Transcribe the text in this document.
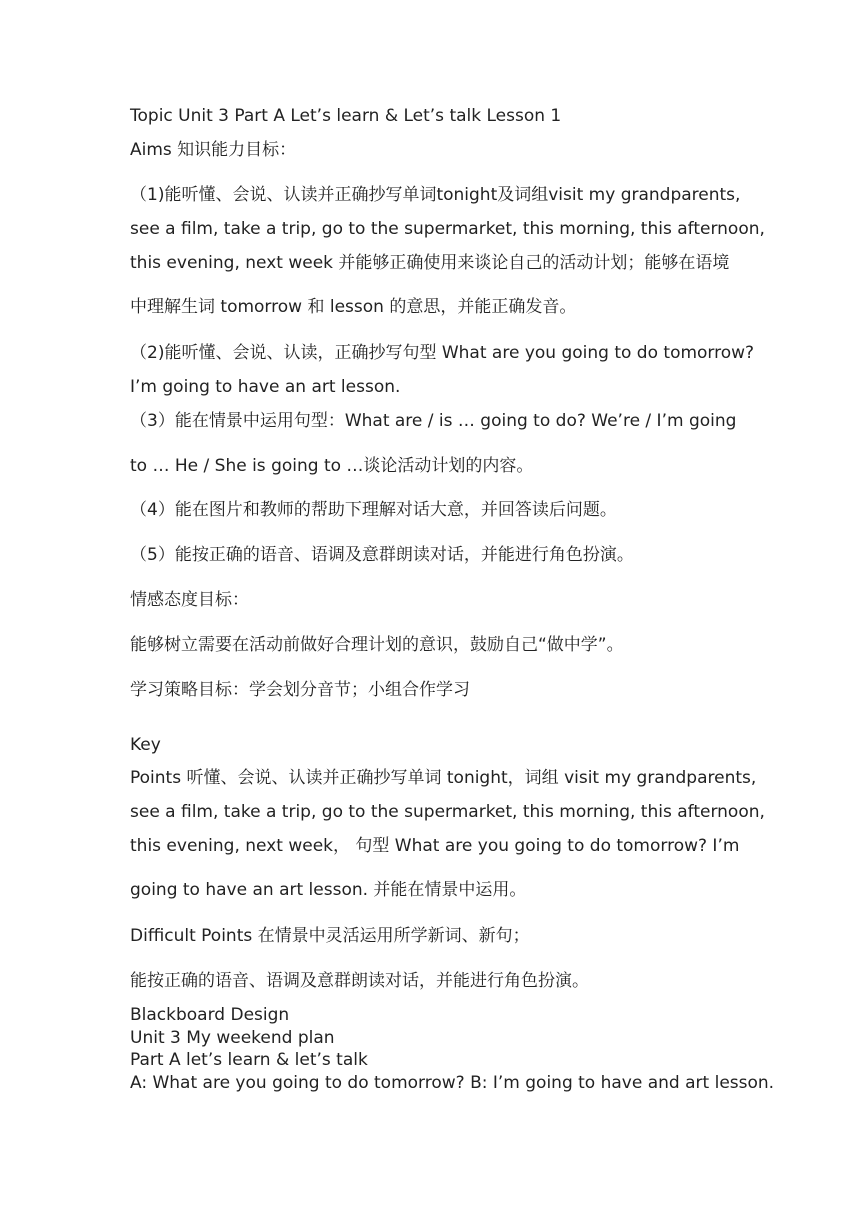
Topic Unit 3 Part A Let’s learn & Let’s talk Lesson 1
Aims 知识能力目标：
（1)能听懂、会说、认读并正确抄写单词tonight及词组visit my grandparents,
see a film, take a trip, go to the supermarket, this morning, this afternoon,
this evening, next week 并能够正确使用来谈论自己的活动计划；能够在语境
中理解生词 tomorrow 和 lesson 的意思，并能正确发音。
（2)能听懂、会说、认读，正确抄写句型 What are you going to do tomorrow?
I’m going to have an art lesson.
（3）能在情景中运用句型：What are / is … going to do? We’re / I’m going
to … He / She is going to …谈论活动计划的内容。
（4）能在图片和教师的帮助下理解对话大意，并回答读后问题。
（5）能按正确的语音、语调及意群朗读对话，并能进行角色扮演。
情感态度目标：
能够树立需要在活动前做好合理计划的意识，鼓励自己“做中学”。
学习策略目标：学会划分音节；小组合作学习
Key
Points 听懂、会说、认读并正确抄写单词 tonight，词组 visit my grandparents,
see a film, take a trip, go to the supermarket, this morning, this afternoon,
this evening, next week， 句型 What are you going to do tomorrow? I’m
going to have an art lesson. 并能在情景中运用。
Difficult Points 在情景中灵活运用所学新词、新句；
能按正确的语音、语调及意群朗读对话，并能进行角色扮演。
Blackboard Design
Unit 3 My weekend plan
Part A let’s learn & let’s talk
A: What are you going to do tomorrow? B: I’m going to have and art lesson.
